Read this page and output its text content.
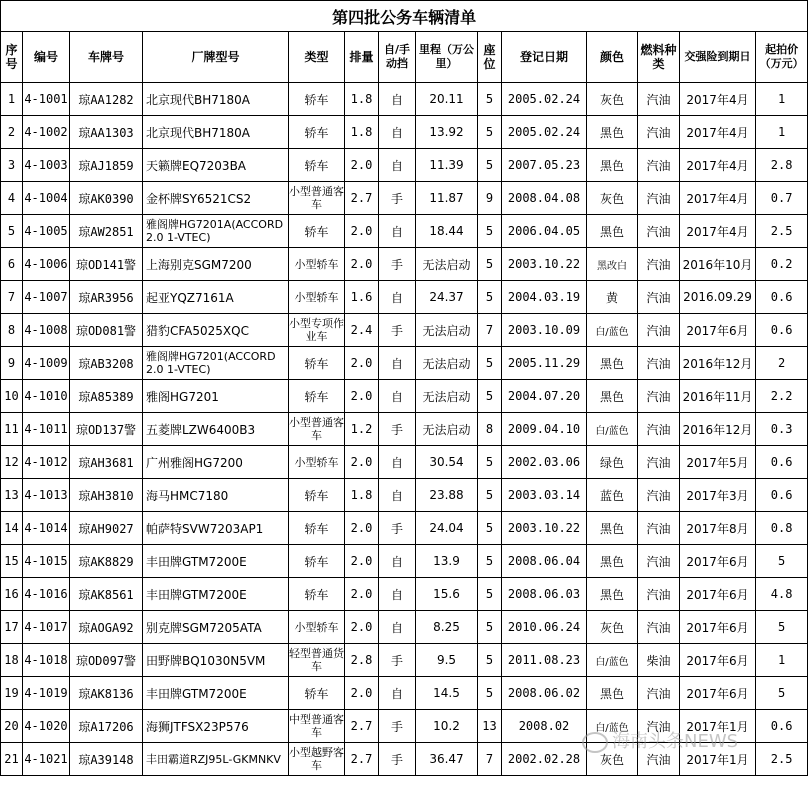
第四批公务车辆清单													
序号	编号	车牌号	厂牌型号	类型	排量	自/手动挡	里程（万公里）	座位	登记日期	颜色	燃料种类	交强险到期日	起拍价（万元）
1	4-1001	琼AA1282	北京现代BH7180A	轿车	1.8	自	20.11	5	2005.02.24	灰色	汽油	2017年4月	1
2	4-1002	琼AA1303	北京现代BH7180A	轿车	1.8	自	13.92	5	2005.02.24	黑色	汽油	2017年4月	1
3	4-1003	琼AJ1859	天籁牌EQ7203BA	轿车	2.0	自	11.39	5	2007.05.23	黑色	汽油	2017年4月	2.8
4	4-1004	琼AK0390	金杯牌SY6521CS2	小型普通客车	2.7	手	11.87	9	2008.04.08	灰色	汽油	2017年4月	0.7
5	4-1005	琼AW2851	雅阁牌HG7201A(ACCORD 2.0 1-VTEC)	轿车	2.0	自	18.44	5	2006.04.05	黑色	汽油	2017年4月	2.5
6	4-1006	琼OD141警	上海别克SGM7200	小型轿车	2.0	手	无法启动	5	2003.10.22	黑改白	汽油	2016年10月	0.2
7	4-1007	琼AR3956	起亚YQZ7161A	小型轿车	1.6	自	24.37	5	2004.03.19	黄	汽油	2016.09.29	0.6
8	4-1008	琼OD081警	猎豹CFA5025XQC	小型专项作业车	2.4	手	无法启动	7	2003.10.09	白/蓝色	汽油	2017年6月	0.6
9	4-1009	琼AB3208	雅阁牌HG7201(ACCORD 2.0 1-VTEC)	轿车	2.0	自	无法启动	5	2005.11.29	黑色	汽油	2016年12月	2
10	4-1010	琼A85389	雅阁HG7201	轿车	2.0	自	无法启动	5	2004.07.20	黑色	汽油	2016年11月	2.2
11	4-1011	琼OD137警	五菱牌LZW6400B3	小型普通客车	1.2	手	无法启动	8	2009.04.10	白/蓝色	汽油	2016年12月	0.3
12	4-1012	琼AH3681	广州雅阁HG7200	小型轿车	2.0	自	30.54	5	2002.03.06	绿色	汽油	2017年5月	0.6
13	4-1013	琼AH3810	海马HMC7180	轿车	1.8	自	23.88	5	2003.03.14	蓝色	汽油	2017年3月	0.6
14	4-1014	琼AH9027	帕萨特SVW7203AP1	轿车	2.0	手	24.04	5	2003.10.22	黑色	汽油	2017年8月	0.8
15	4-1015	琼AK8829	丰田牌GTM7200E	轿车	2.0	自	13.9	5	2008.06.04	黑色	汽油	2017年6月	5
16	4-1016	琼AK8561	丰田牌GTM7200E	轿车	2.0	自	15.6	5	2008.06.03	黑色	汽油	2017年6月	4.8
17	4-1017	琼AOGA92	别克牌SGM7205ATA	小型轿车	2.0	自	8.25	5	2010.06.24	灰色	汽油	2017年6月	5
18	4-1018	琼OD097警	田野牌BQ1030N5VM	轻型普通货车	2.8	手	9.5	5	2011.08.23	白/蓝色	柴油	2017年6月	1
19	4-1019	琼AK8136	丰田牌GTM7200E	轿车	2.0	自	14.5	5	2008.06.02	黑色	汽油	2017年6月	5
20	4-1020	琼A17206	海狮JTFSX23P576	中型普通客车	2.7	手	10.2	13	2008.02	白/蓝色	汽油	2017年1月	0.6
21	4-1021	琼A39148	丰田霸道RZJ95L-GKMNKV	小型越野客车	2.7	手	36.47	7	2002.02.28	灰色	汽油	2017年1月	2.5
海南头条NEWS
